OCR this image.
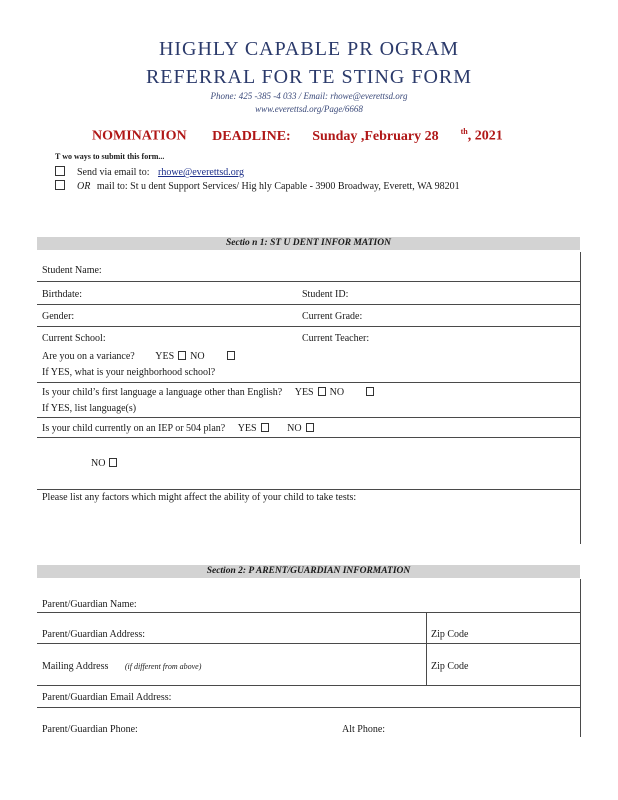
HIGHLY CAPABLE PR OGRAM
REFERRAL FOR TE STING FORM
Phone: 425 -385 -4 033 / Email: rhowe@everettsd.org
www.everettsd.org/Page/6668
NOMINATION DEADLINE: Sunday ,February 28	$^{th}$, 2021
T wo ways to submit this form...
Send via email to: rhowe@everettsd.org
OR mail to: St u dent Support Services/ Hig hly Capable - 3900 Broadway, Everett, WA 98201
Sectio n 1: ST U DENT INFOR MATION
Student Name:
Birthdate:	Student ID:
Gender:	Current Grade:
Current School:	Current Teacher:
Are you on a variance? YES NO
If YES, what is your neighborhood school?
Is your child’s first language a language other than English? YES NO
If YES, list language(s)
Is your child currently on an IEP or 504 plan? YES	NO
NO
Please list any factors which might affect the ability of your child to take tests:
Section 2: P ARENT/GUARDIAN INFORMATION
Parent/Guardian Name:
Parent/Guardian Address:	Zip Code
Mailing Address (if different from above)	Zip Code
Parent/Guardian Email Address:
Parent/Guardian Phone:	Alt Phone:
